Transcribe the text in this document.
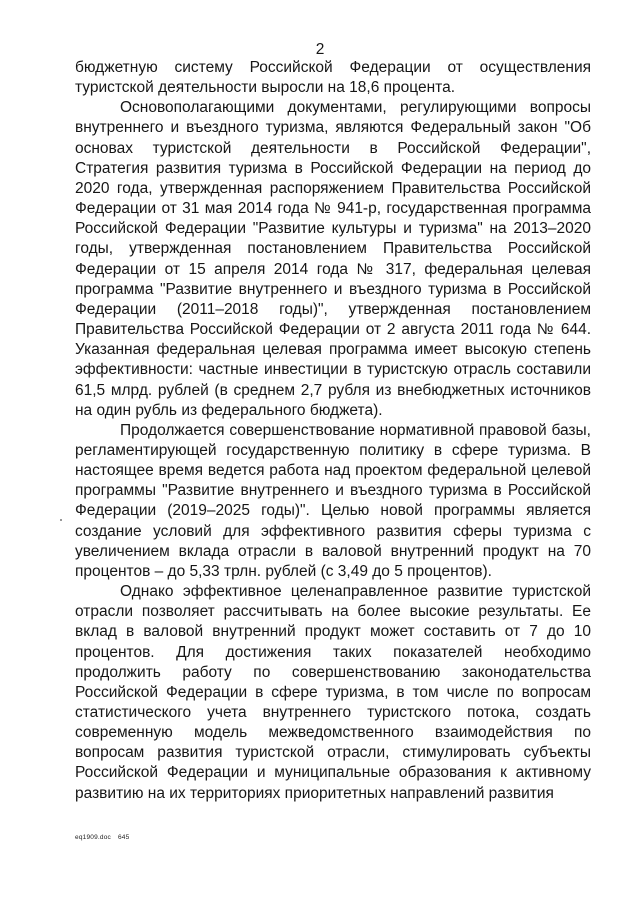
2

бюджетную систему Российской Федерации от осуществления туристской деятельности выросли на 18,6 процента.

Основополагающими документами, регулирующими вопросы внутреннего и въездного туризма, являются Федеральный закон "Об основах туристской деятельности в Российской Федерации", Стратегия развития туризма в Российской Федерации на период до 2020 года, утвержденная распоряжением Правительства Российской Федерации от 31 мая 2014 года № 941-р, государственная программа Российской Федерации "Развитие культуры и туризма" на 2013–2020 годы, утвержденная постановлением Правительства Российской Федерации от 15 апреля 2014 года № 317, федеральная целевая программа "Развитие внутреннего и въездного туризма в Российской Федерации (2011–2018 годы)", утвержденная постановлением Правительства Российской Федерации от 2 августа 2011 года № 644. Указанная федеральная целевая программа имеет высокую степень эффективности: частные инвестиции в туристскую отрасль составили 61,5 млрд. рублей (в среднем 2,7 рубля из внебюджетных источников на один рубль из федерального бюджета).

Продолжается совершенствование нормативной правовой базы, регламентирующей государственную политику в сфере туризма. В настоящее время ведется работа над проектом федеральной целевой программы "Развитие внутреннего и въездного туризма в Российской Федерации (2019–2025 годы)". Целью новой программы является создание условий для эффективного развития сферы туризма с увеличением вклада отрасли в валовой внутренний продукт на 70 процентов – до 5,33 трлн. рублей (с 3,49 до 5 процентов).

Однако эффективное целенаправленное развитие туристской отрасли позволяет рассчитывать на более высокие результаты. Ее вклад в валовой внутренний продукт может составить от 7 до 10 процентов. Для достижения таких показателей необходимо продолжить работу по совершенствованию законодательства Российской Федерации в сфере туризма, в том числе по вопросам статистического учета внутреннего туристского потока, создать современную модель межведомственного взаимодействия по вопросам развития туристской отрасли, стимулировать субъекты Российской Федерации и муниципальные образования к активному развитию на их территориях приоритетных направлений развития

eq1909.doc 645
